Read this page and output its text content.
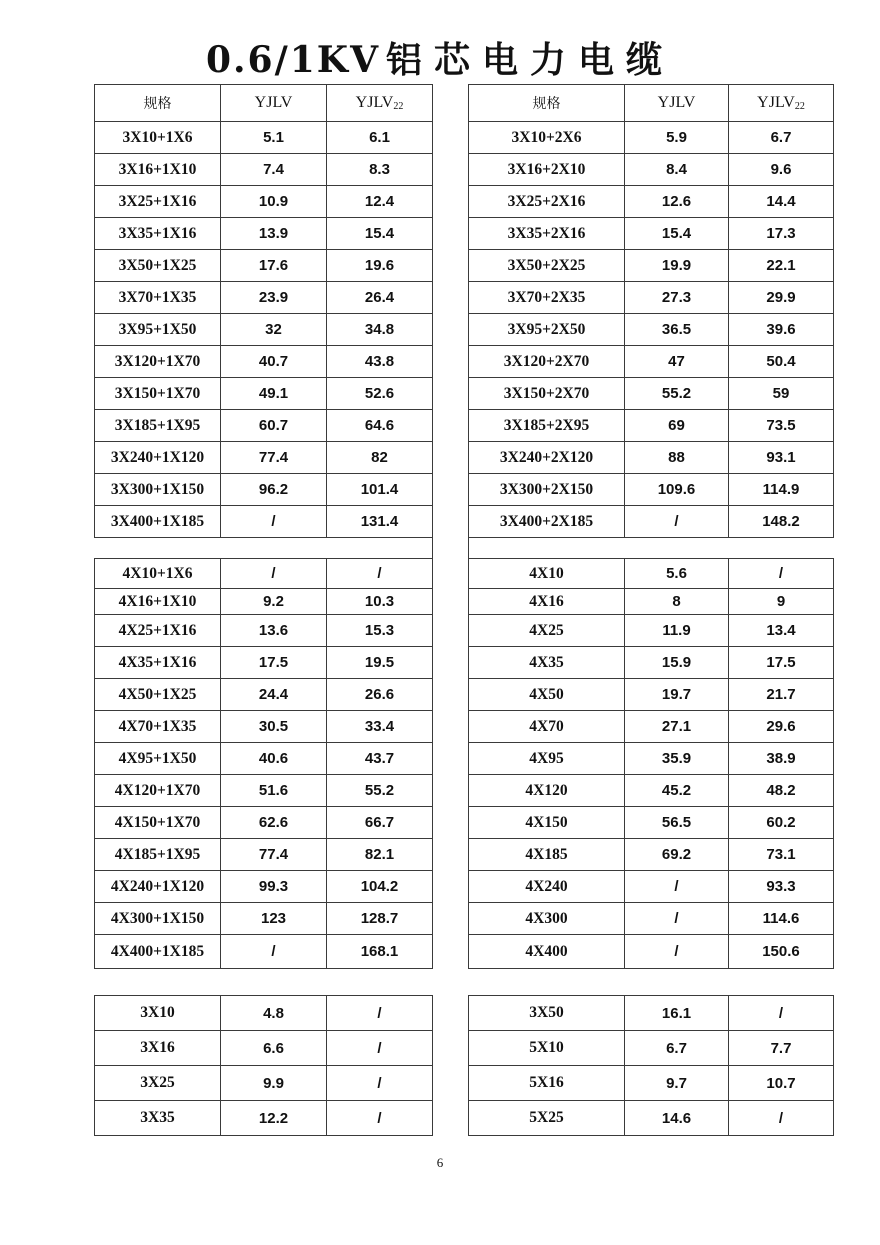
0.6/1KV 铝芯电力电缆
规格	YJLV	$YJLV_{22}$
3X10+1X6	5.1	6.1
3X16+1X10	7.4	8.3
3X25+1X16	10.9	12.4
3X35+1X16	13.9	15.4
3X50+1X25	17.6	19.6
3X70+1X35	23.9	26.4
3X95+1X50	32	34.8
3X120+1X70	40.7	43.8
3X150+1X70	49.1	52.6
3X185+1X95	60.7	64.6
3X240+1X120	77.4	82
3X300+1X150	96.2	101.4
3X400+1X185	/	131.4

4X10+1X6	/	/
4X16+1X10	9.2	10.3
4X25+1X16	13.6	15.3
4X35+1X16	17.5	19.5
4X50+1X25	24.4	26.6
4X70+1X35	30.5	33.4
4X95+1X50	40.6	43.7
4X120+1X70	51.6	55.2
4X150+1X70	62.6	66.7
4X185+1X95	77.4	82.1
4X240+1X120	99.3	104.2
4X300+1X150	123	128.7
4X400+1X185	/	168.1
规格	YJLV	$YJLV_{22}$
3X10+2X6	5.9	6.7
3X16+2X10	8.4	9.6
3X25+2X16	12.6	14.4
3X35+2X16	15.4	17.3
3X50+2X25	19.9	22.1
3X70+2X35	27.3	29.9
3X95+2X50	36.5	39.6
3X120+2X70	47	50.4
3X150+2X70	55.2	59
3X185+2X95	69	73.5
3X240+2X120	88	93.1
3X300+2X150	109.6	114.9
3X400+2X185	/	148.2

4X10	5.6	/
4X16	8	9
4X25	11.9	13.4
4X35	15.9	17.5
4X50	19.7	21.7
4X70	27.1	29.6
4X95	35.9	38.9
4X120	45.2	48.2
4X150	56.5	60.2
4X185	69.2	73.1
4X240	/	93.3
4X300	/	114.6
4X400	/	150.6
3X10	4.8	/
3X16	6.6	/
3X25	9.9	/
3X35	12.2	/
3X50	16.1	/
5X10	6.7	7.7
5X16	9.7	10.7
5X25	14.6	/
6
